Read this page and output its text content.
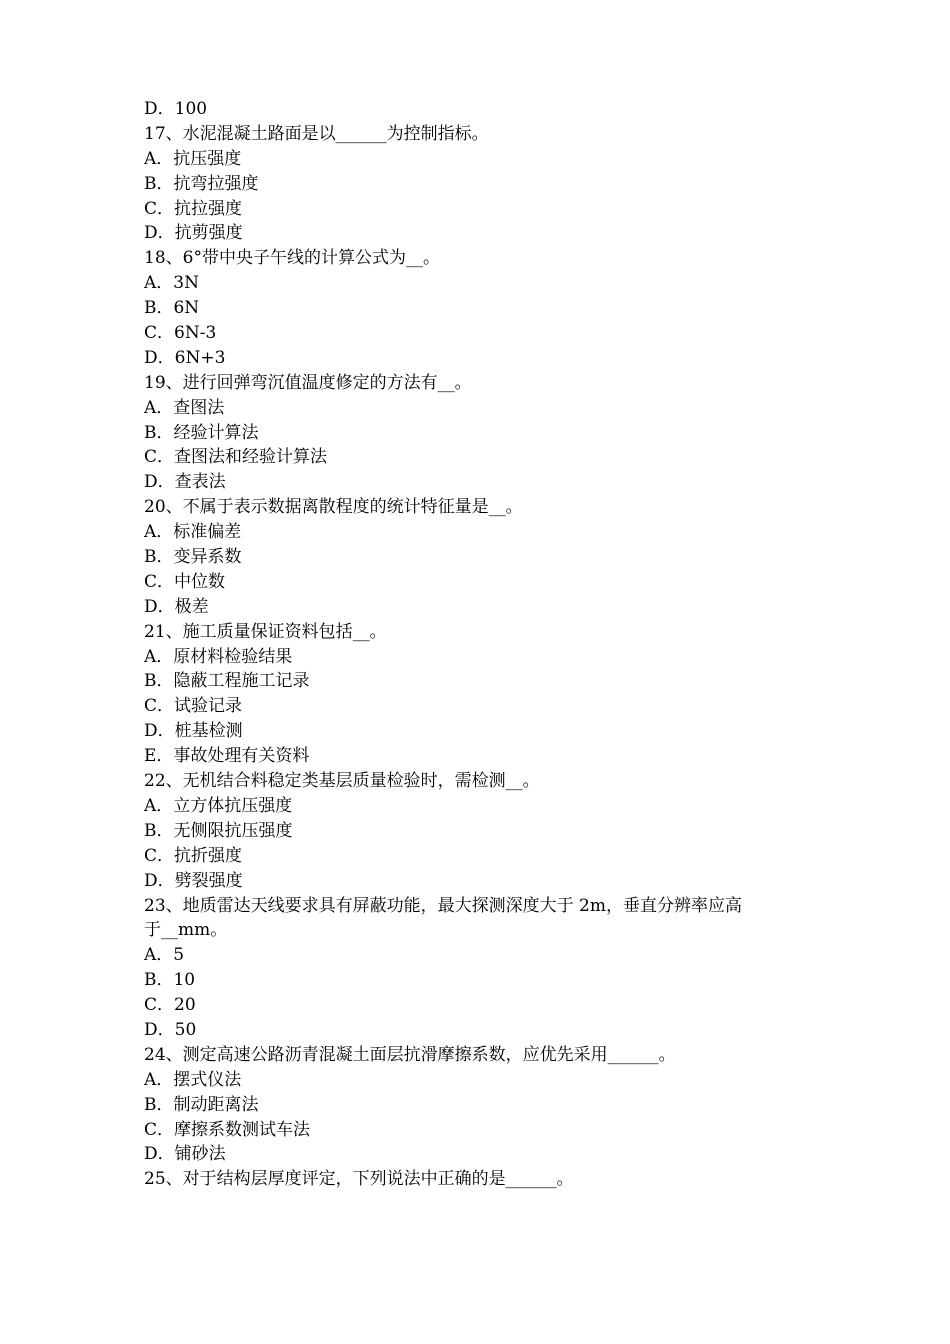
D．100
17、水泥混凝土路面是以______为控制指标。
A．抗压强度
B．抗弯拉强度
C．抗拉强度
D．抗剪强度
18、6°带中央子午线的计算公式为__。
A．3N
B．6N
C．6N-3
D．6N+3
19、进行回弹弯沉值温度修定的方法有__。
A．查图法
B．经验计算法
C．查图法和经验计算法
D．查表法
20、不属于表示数据离散程度的统计特征量是__。
A．标准偏差
B．变异系数
C．中位数
D．极差
21、施工质量保证资料包括__。
A．原材料检验结果
B．隐蔽工程施工记录
C．试验记录
D．桩基检测
E．事故处理有关资料
22、无机结合料稳定类基层质量检验时，需检测__。
A．立方体抗压强度
B．无侧限抗压强度
C．抗折强度
D．劈裂强度
23、地质雷达天线要求具有屏蔽功能，最大探测深度大于 2m，垂直分辨率应高
于__mm。
A．5
B．10
C．20
D．50
24、测定高速公路沥青混凝土面层抗滑摩擦系数，应优先采用______。
A．摆式仪法
B．制动距离法
C．摩擦系数测试车法
D．铺砂法
25、对于结构层厚度评定，下列说法中正确的是______。
